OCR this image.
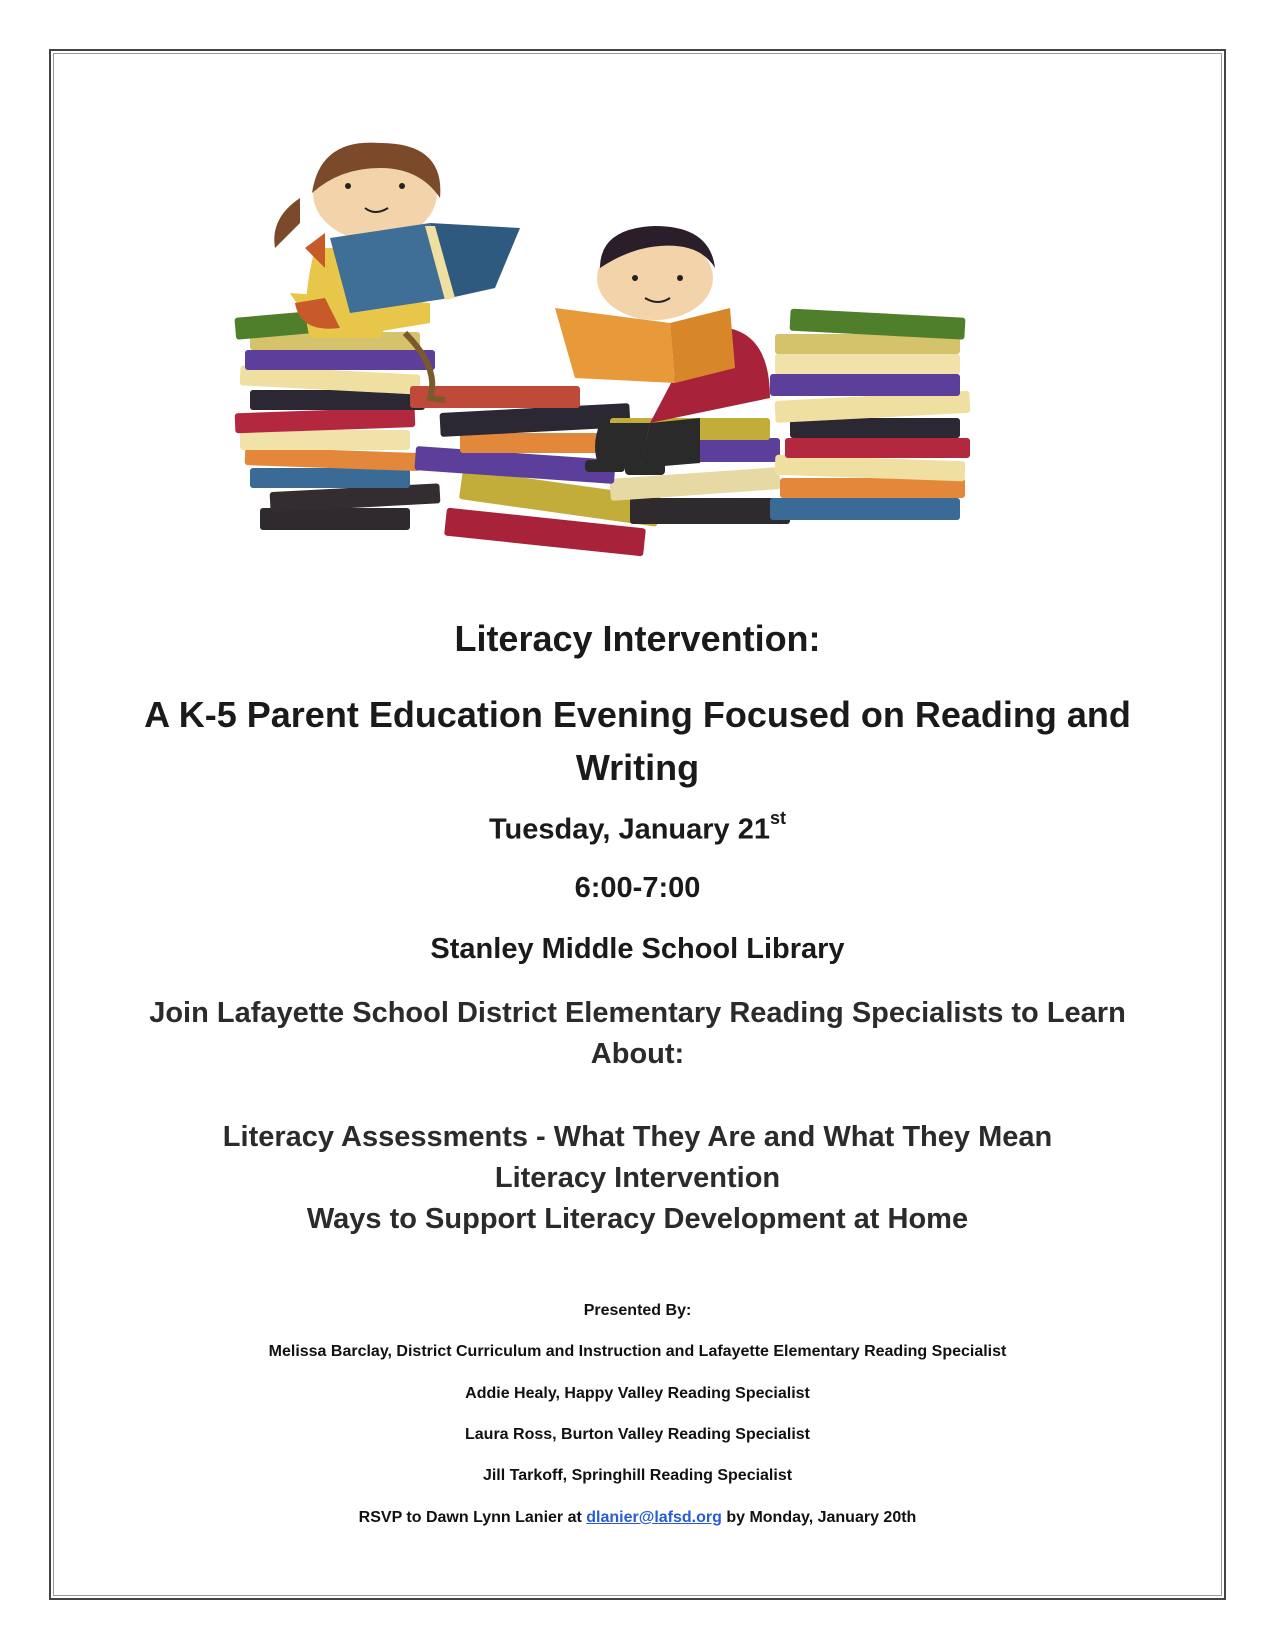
Literacy Intervention:
A K-5 Parent Education Evening Focused on Reading and Writing
Tuesday, January 21st
6:00-7:00
Stanley Middle School Library
Join Lafayette School District Elementary Reading Specialists to Learn About:
Literacy Assessments - What They Are and What They Mean
Literacy Intervention
Ways to Support Literacy Development at Home
Presented By:
Melissa Barclay, District Curriculum and Instruction and Lafayette Elementary Reading Specialist
Addie Healy, Happy Valley Reading Specialist
Laura Ross, Burton Valley Reading Specialist
Jill Tarkoff, Springhill Reading Specialist
RSVP to Dawn Lynn Lanier at dlanier@lafsd.org by Monday, January 20th
